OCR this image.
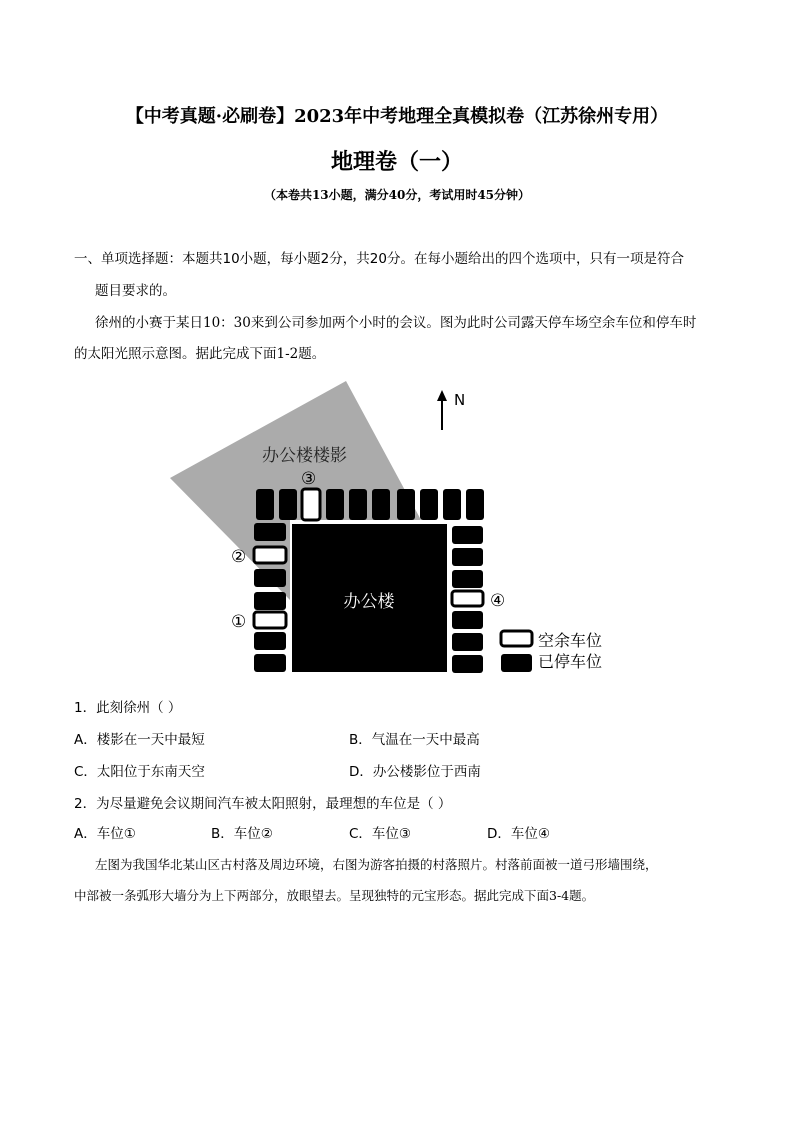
【中考真题·必刷卷】2023年中考地理全真模拟卷（江苏徐州专用）
地理卷（一）
（本卷共13小题，满分40分，考试用时45分钟）
一、单项选择题：本题共10小题，每小题2分，共20分。在每小题给出的四个选项中，只有一项是符合
题目要求的。
徐州的小赛于某日10：30来到公司参加两个小时的会议。图为此时公司露天停车场空余车位和停车时
的太阳光照示意图。据此完成下面1-2题。
N
办公楼楼影
办公楼
③
②
④
①
空余车位
已停车位
1．此刻徐州（ ）
A．楼影在一天中最短	B．气温在一天中最高
C．太阳位于东南天空	D．办公楼影位于西南
2．为尽量避免会议期间汽车被太阳照射，最理想的车位是（ ）
A．车位①	B．车位②	C．车位③	D．车位④
左图为我国华北某山区古村落及周边环境，右图为游客拍摄的村落照片。村落前面被一道弓形墙围绕，
中部被一条弧形大墙分为上下两部分，放眼望去。呈现独特的元宝形态。据此完成下面3-4题。
